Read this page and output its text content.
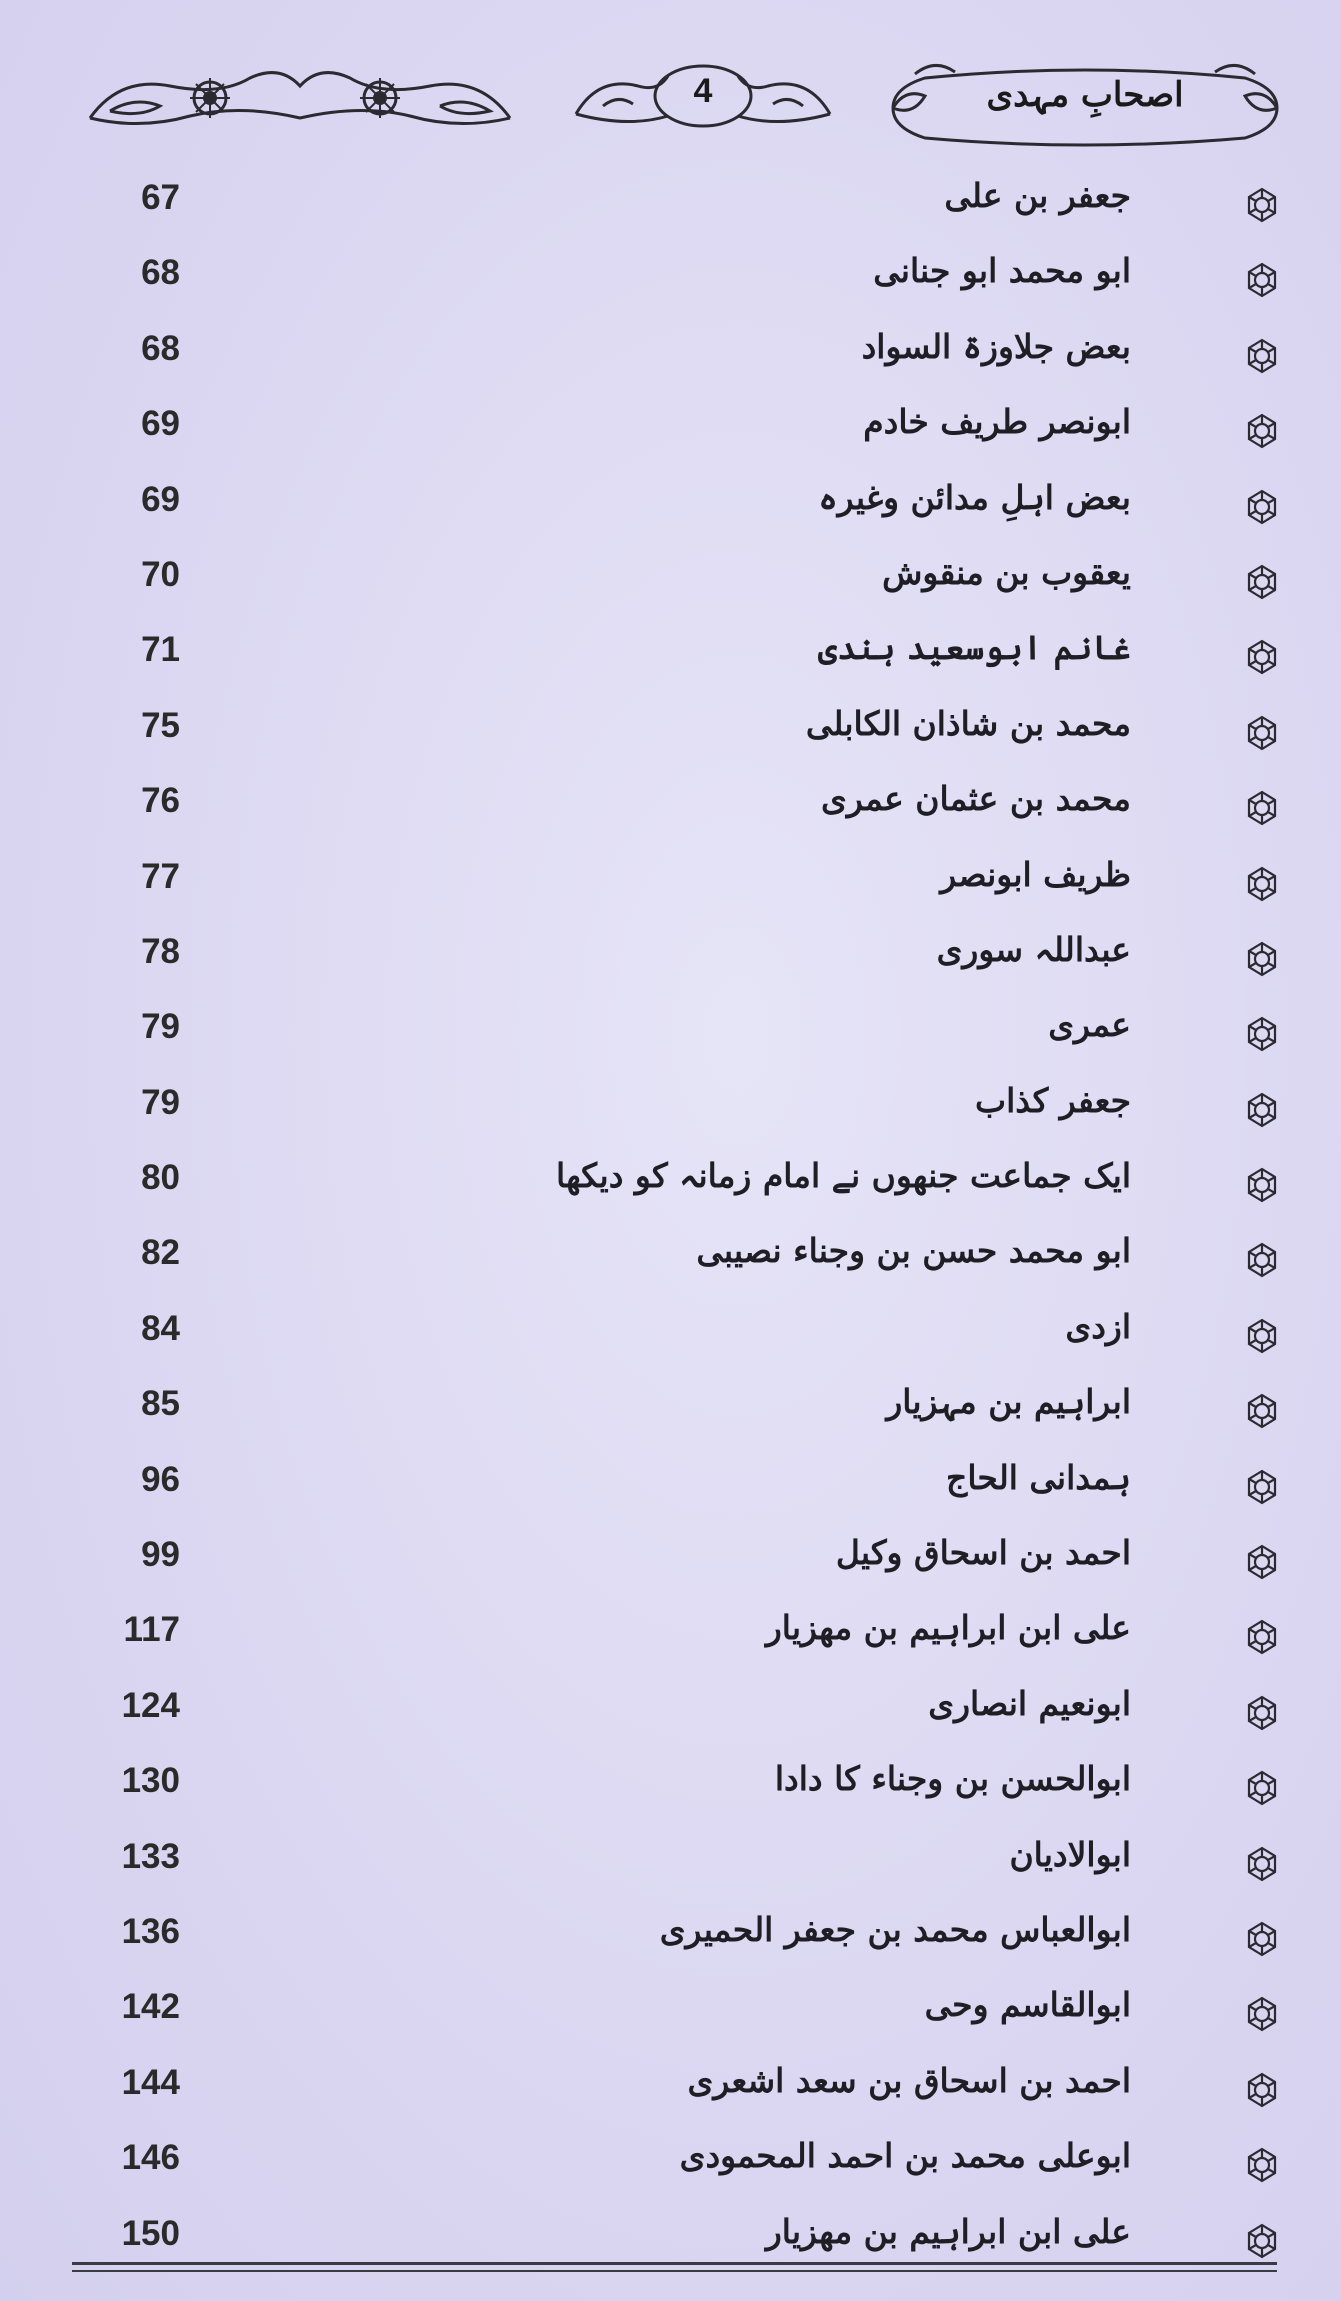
4	اصحابِ مہدی
جعفر بن علی
67
ابو محمد ابو جنانی
68
بعض جلاوزۃ السواد
68
ابونصر طریف خادم
69
بعض اہلِ مدائن وغیرہ
69
یعقوب بن منقوش
70
غانم ابوسعید ہندی
71
محمد بن شاذان الکابلی
75
محمد بن عثمان عمری
76
ظریف ابونصر
77
عبداللہ سوری
78
عمری
79
جعفر کذاب
79
ایک جماعت جنھوں نے امام زمانہ کو دیکھا
80
ابو محمد حسن بن وجناء نصیبی
82
ازدی
84
ابراہیم بن مہزیار
85
ہمدانی الحاج
96
احمد بن اسحاق وکیل
99
علی ابن ابراہیم بن مھزیار
117
ابونعیم انصاری
124
ابوالحسن بن وجناء کا دادا
130
ابوالادیان
133
ابوالعباس محمد بن جعفر الحمیری
136
ابوالقاسم وحی
142
احمد بن اسحاق بن سعد اشعری
144
ابوعلی محمد بن احمد المحمودی
146
علی ابن ابراہیم بن مھزیار
150
